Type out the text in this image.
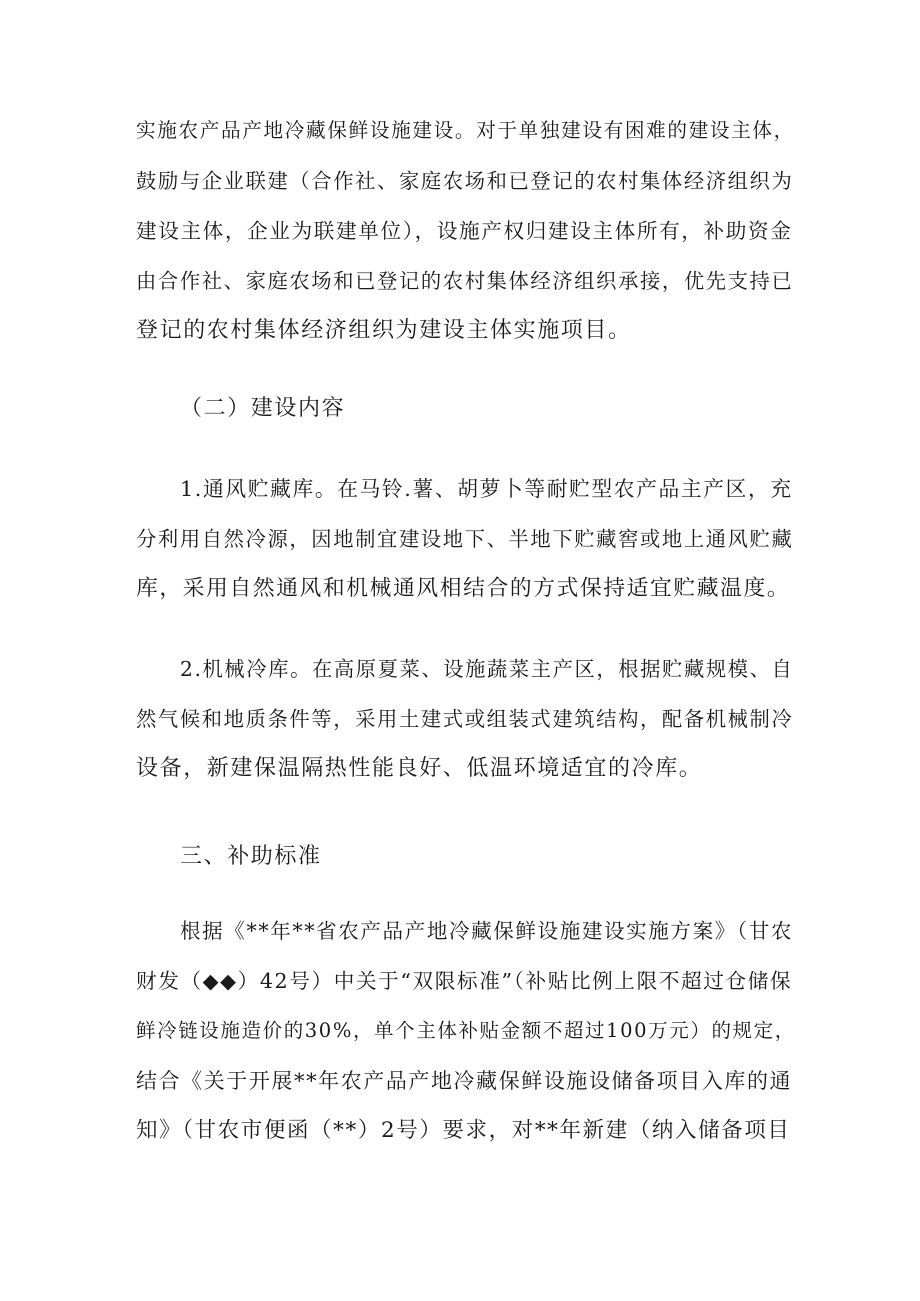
实施农产品产地冷藏保鲜设施建设。对于单独建设有困难的建设主体，
鼓励与企业联建（合作社、家庭农场和已登记的农村集体经济组织为
建设主体，企业为联建单位），设施产权归建设主体所有，补助资金
由合作社、家庭农场和已登记的农村集体经济组织承接，优先支持已
登记的农村集体经济组织为建设主体实施项目。
（二）建设内容
1.通风贮藏库。在马铃.薯、胡萝卜等耐贮型农产品主产区，充
分利用自然冷源，因地制宜建设地下、半地下贮藏窖或地上通风贮藏
库，采用自然通风和机械通风相结合的方式保持适宜贮藏温度。
2.机械冷库。在高原夏菜、设施蔬菜主产区，根据贮藏规模、自
然气候和地质条件等，采用土建式或组装式建筑结构，配备机械制冷
设备，新建保温隔热性能良好、低温环境适宜的冷库。
三、补助标准
根据《**年**省农产品产地冷藏保鲜设施建设实施方案》（甘农
财发（◆◆）42号）中关于“双限标准”（补贴比例上限不超过仓储保
鲜冷链设施造价的30%，单个主体补贴金额不超过100万元）的规定，
结合《关于开展**年农产品产地冷藏保鲜设施设储备项目入库的通
知》（甘农市便函（**）2号）要求，对**年新建（纳入储备项目
